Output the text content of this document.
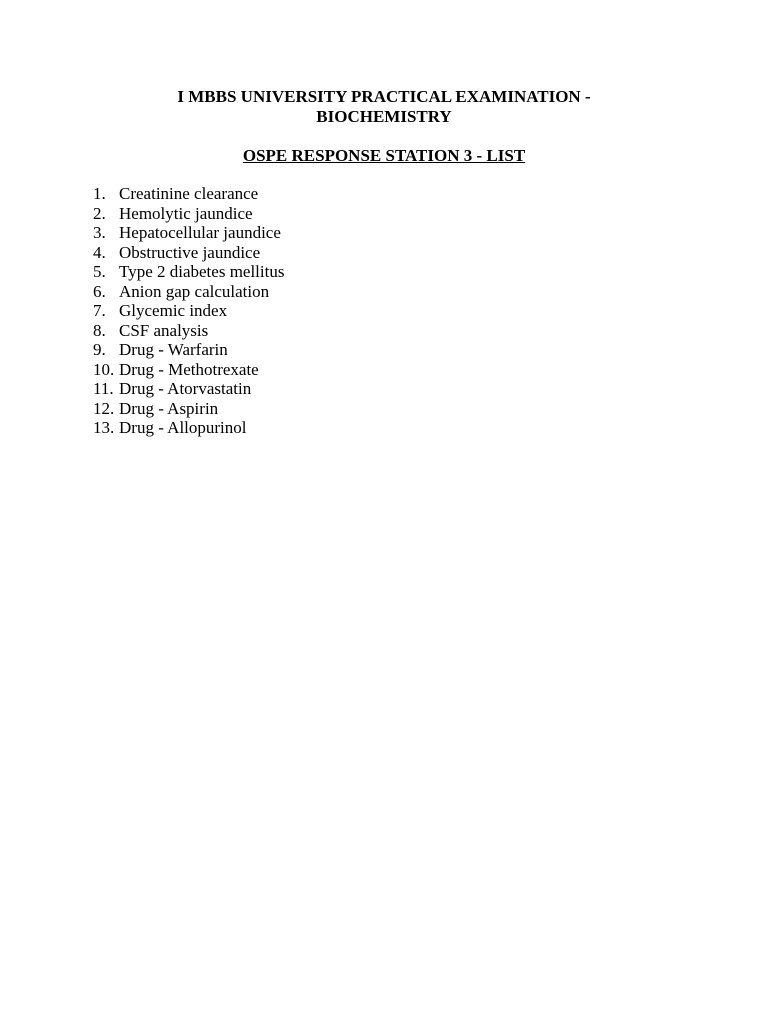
I MBBS UNIVERSITY PRACTICAL EXAMINATION -
BIOCHEMISTRY
OSPE RESPONSE STATION 3 - LIST
1. Creatinine clearance
2. Hemolytic jaundice
3. Hepatocellular jaundice
4. Obstructive jaundice
5. Type 2 diabetes mellitus
6. Anion gap calculation
7. Glycemic index
8. CSF analysis
9. Drug - Warfarin
10. Drug - Methotrexate
11. Drug - Atorvastatin
12. Drug - Aspirin
13. Drug - Allopurinol
